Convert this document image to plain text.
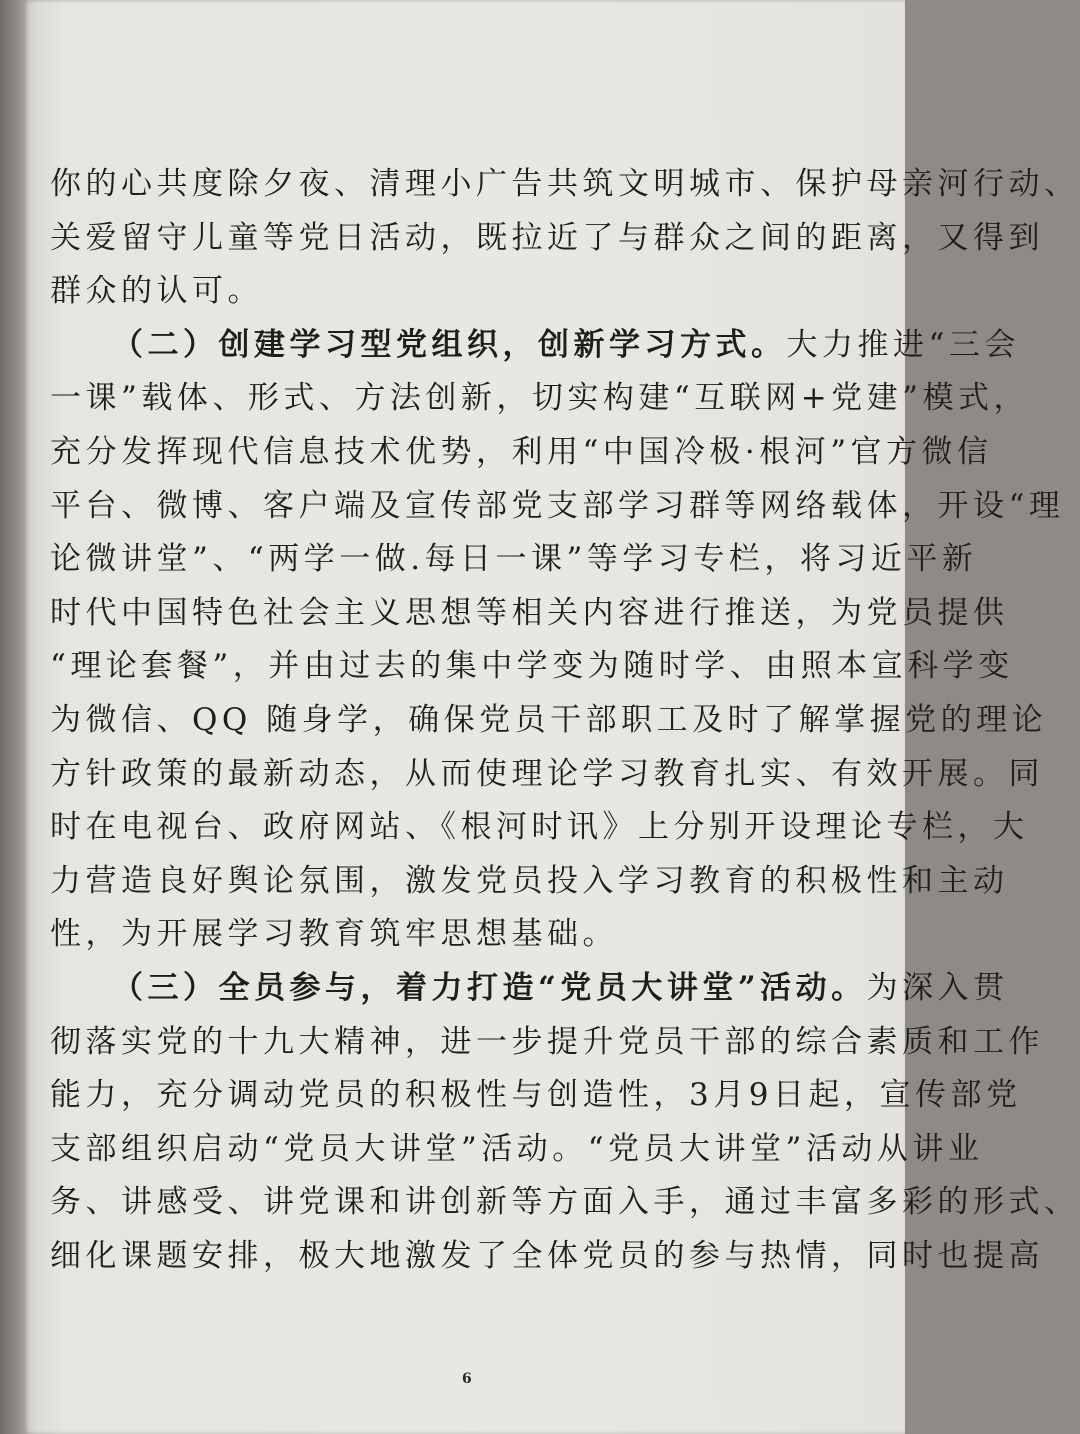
你的心共度除夕夜、清理小广告共筑文明城市、保护母亲河行动、
关爱留守儿童等党日活动，既拉近了与群众之间的距离，又得到
群众的认可。
（二）创建学习型党组织，创新学习方式。大力推进“三会
一课”载体、形式、方法创新，切实构建“互联网+党建”模式，
充分发挥现代信息技术优势，利用“中国冷极·根河”官方微信
平台、微博、客户端及宣传部党支部学习群等网络载体，开设“理
论微讲堂”、“两学一做.每日一课”等学习专栏，将习近平新
时代中国特色社会主义思想等相关内容进行推送，为党员提供
“理论套餐”，并由过去的集中学变为随时学、由照本宣科学变
为微信、QQ 随身学，确保党员干部职工及时了解掌握党的理论
方针政策的最新动态，从而使理论学习教育扎实、有效开展。同
时在电视台、政府网站、《根河时讯》上分别开设理论专栏，大
力营造良好舆论氛围，激发党员投入学习教育的积极性和主动
性，为开展学习教育筑牢思想基础。
（三）全员参与，着力打造“党员大讲堂”活动。为深入贯
彻落实党的十九大精神，进一步提升党员干部的综合素质和工作
能力，充分调动党员的积极性与创造性，3月9日起，宣传部党
支部组织启动“党员大讲堂”活动。“党员大讲堂”活动从讲业
务、讲感受、讲党课和讲创新等方面入手，通过丰富多彩的形式、
细化课题安排，极大地激发了全体党员的参与热情，同时也提高
6
